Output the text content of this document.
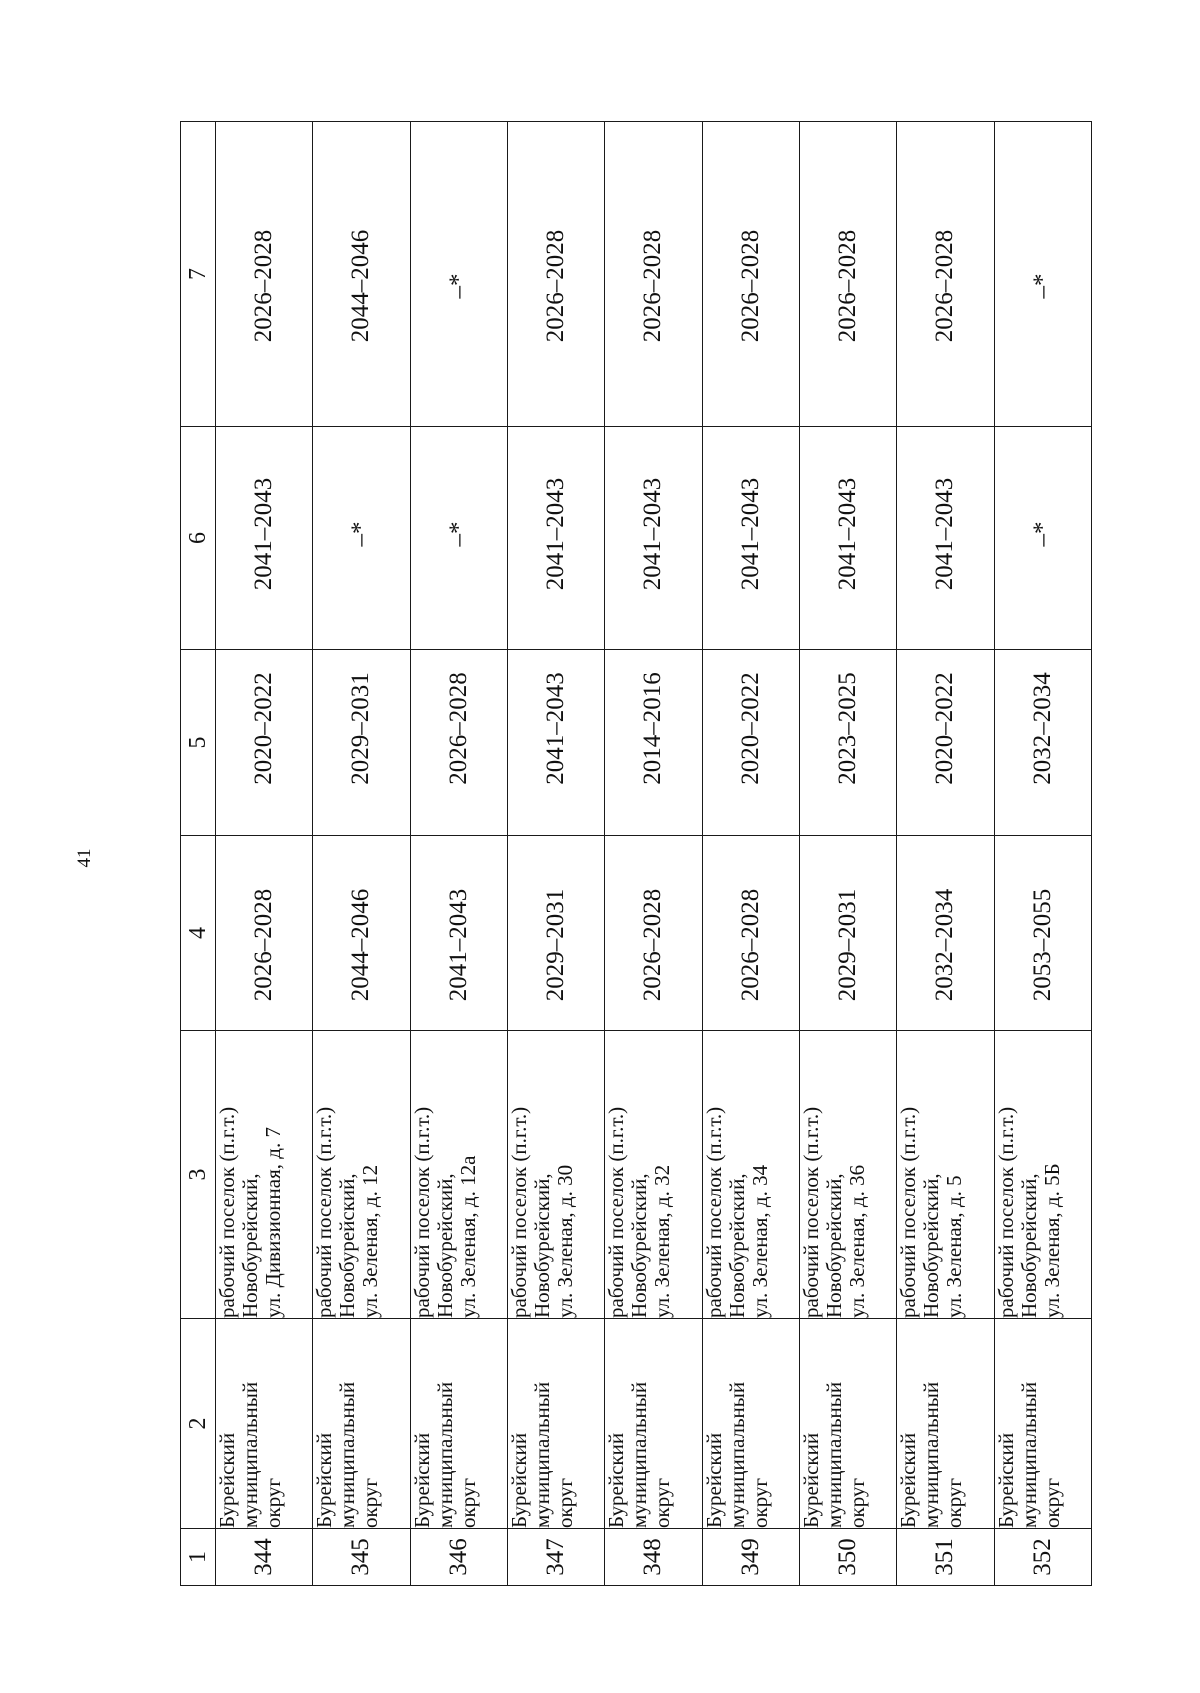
41
1	2	3	4	5	6	7
344	Бурейский муниципальный округ	рабочий поселок (п.г.т.) Новобурейский, ул. Дивизионная, д. 7	2026–2028	2020–2022	2041–2043	2026–2028
345	Бурейский муниципальный округ	рабочий поселок (п.г.т.) Новобурейский, ул. Зеленая, д. 12	2044–2046	2029–2031	–*	2044–2046
346	Бурейский муниципальный округ	рабочий поселок (п.г.т.) Новобурейский, ул. Зеленая, д. 12а	2041–2043	2026–2028	–*	–*
347	Бурейский муниципальный округ	рабочий поселок (п.г.т.) Новобурейский, ул. Зеленая, д. 30	2029–2031	2041–2043	2041–2043	2026–2028
348	Бурейский муниципальный округ	рабочий поселок (п.г.т.) Новобурейский, ул. Зеленая, д. 32	2026–2028	2014–2016	2041–2043	2026–2028
349	Бурейский муниципальный округ	рабочий поселок (п.г.т.) Новобурейский, ул. Зеленая, д. 34	2026–2028	2020–2022	2041–2043	2026–2028
350	Бурейский муниципальный округ	рабочий поселок (п.г.т.) Новобурейский, ул. Зеленая, д. 36	2029–2031	2023–2025	2041–2043	2026–2028
351	Бурейский муниципальный округ	рабочий поселок (п.г.т.) Новобурейский, ул. Зеленая, д. 5	2032–2034	2020–2022	2041–2043	2026–2028
352	Бурейский муниципальный округ	рабочий поселок (п.г.т.) Новобурейский, ул. Зеленая, д. 5Б	2053–2055	2032–2034	–*	–*
